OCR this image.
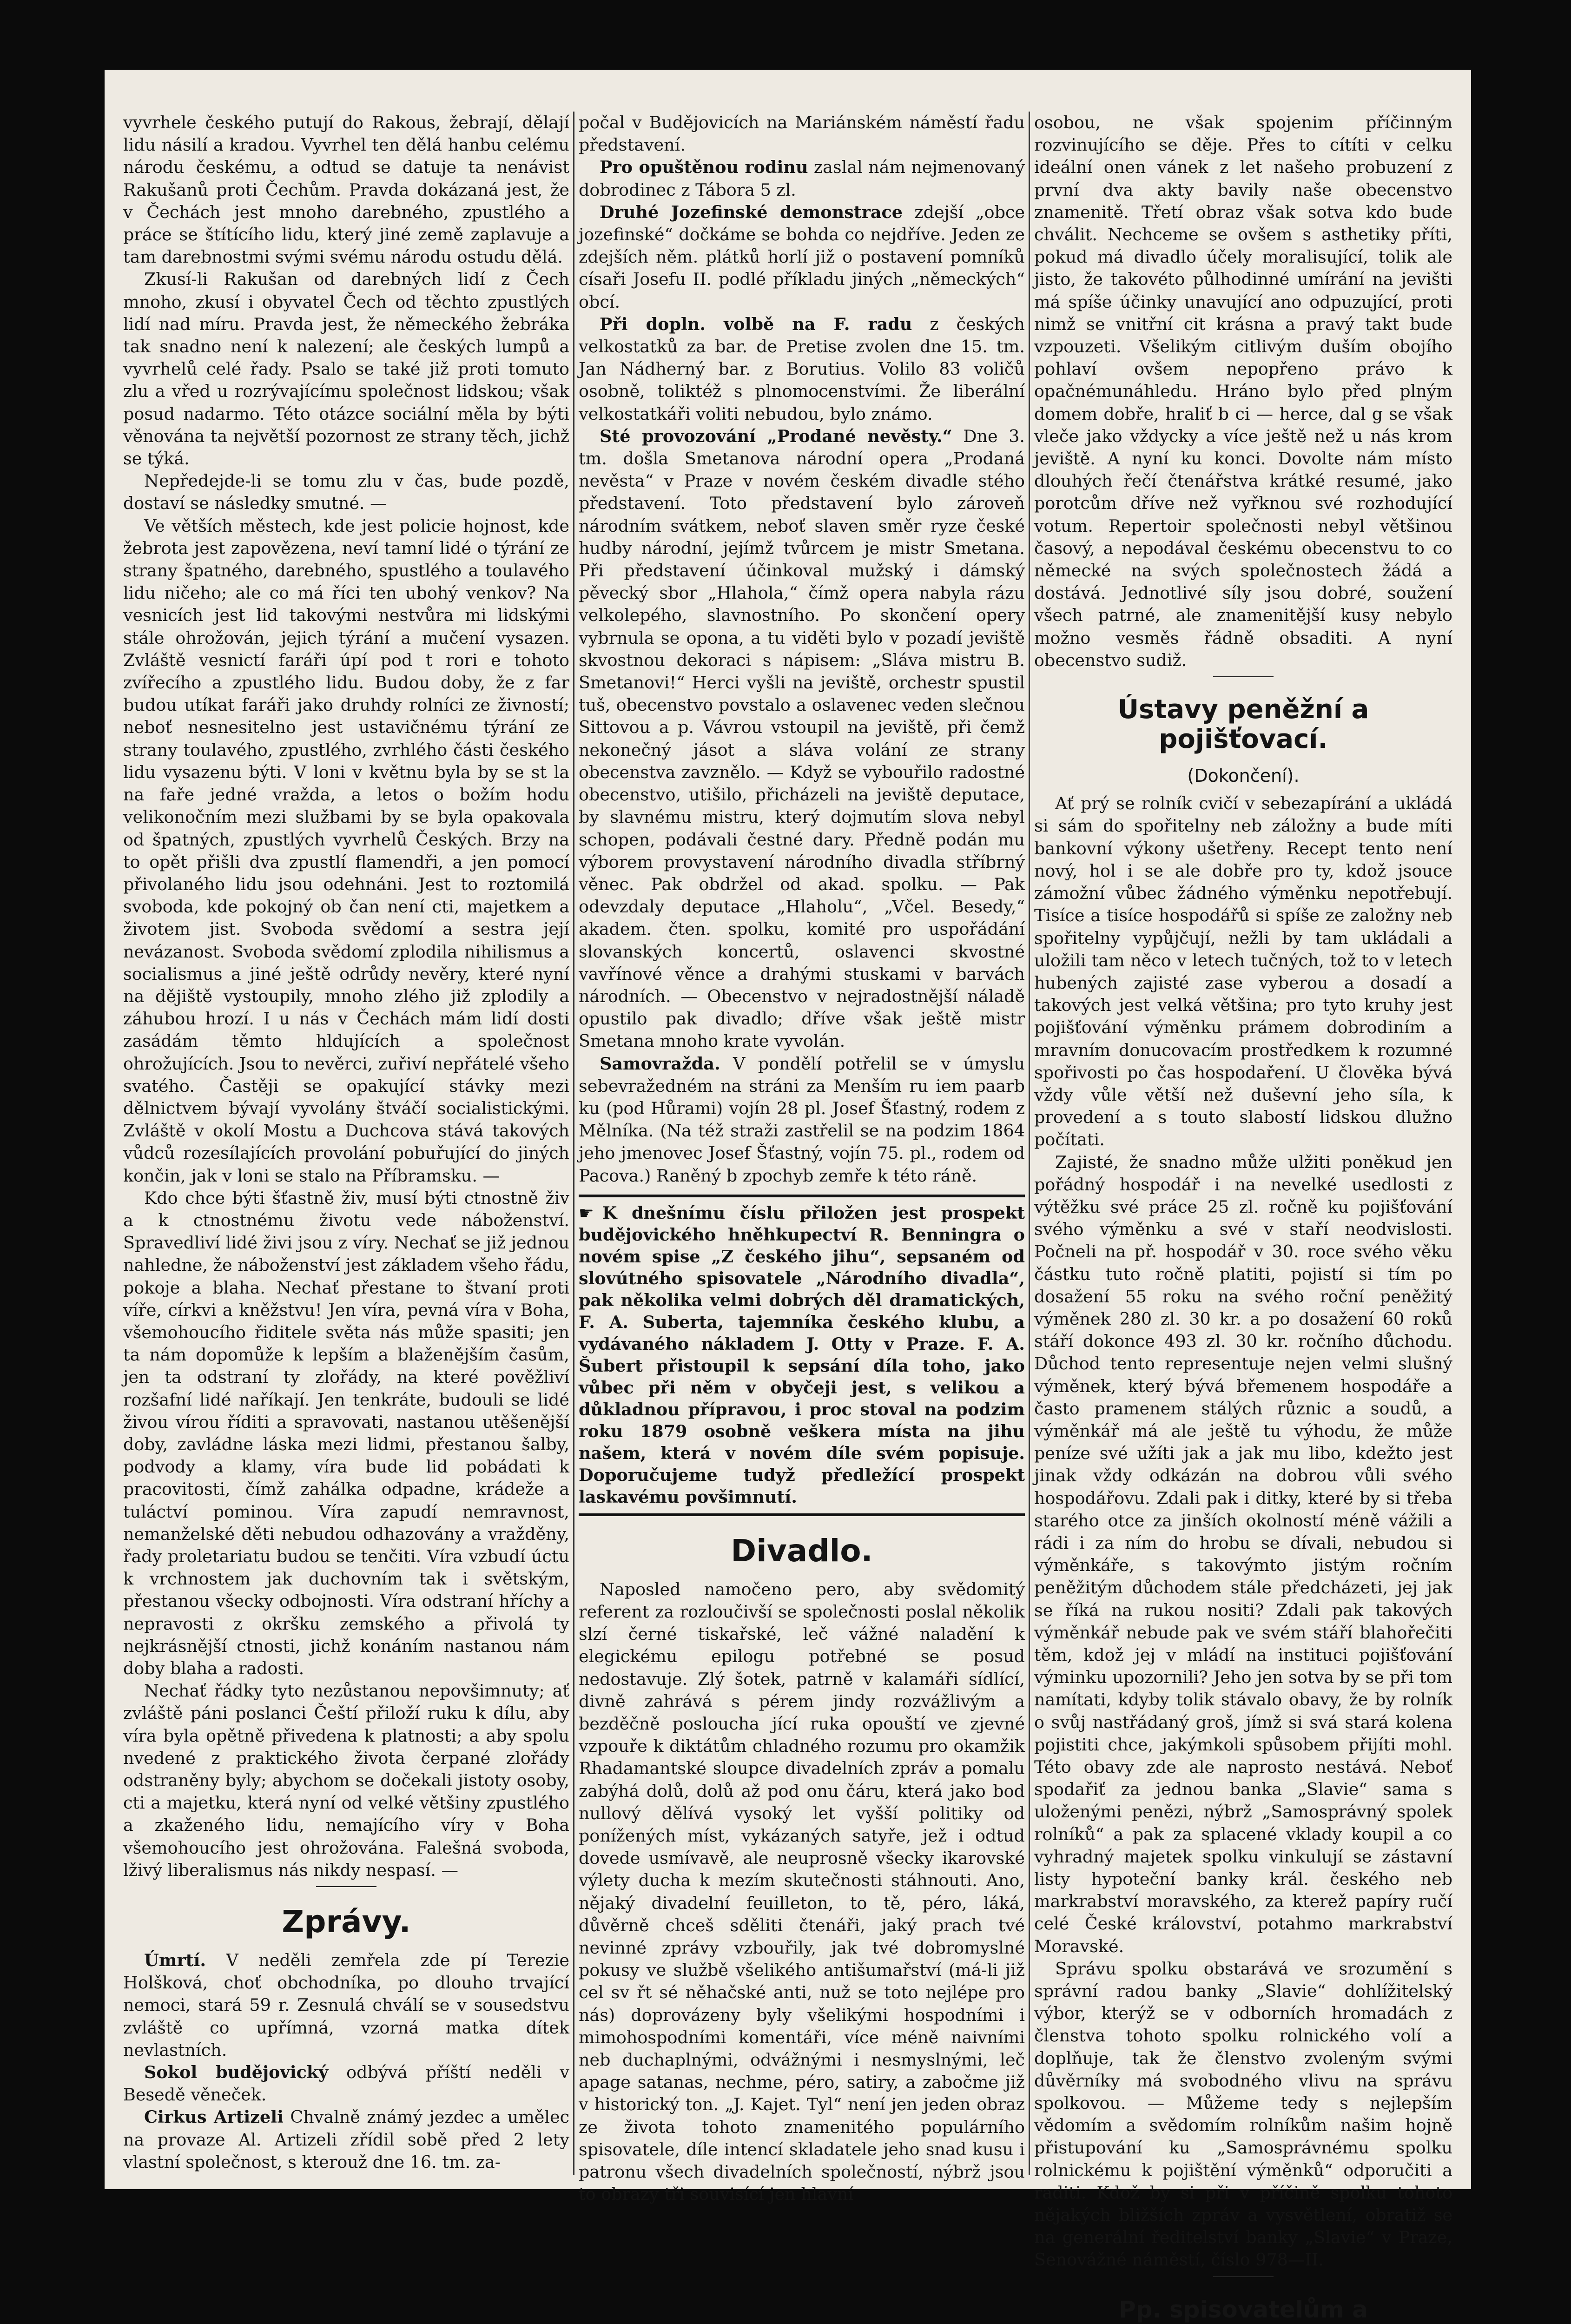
vyvrhele českého putují do Rakous, žebrají, dělají lidu násilí a kradou. Vyvrhel ten dělá hanbu celému národu českému, a odtud se datuje ta nenávist Rakušanů proti Čechům. Pravda dokázaná jest, že v Čechách jest mnoho darebného, zpustlého a práce se štítícího lidu, který jiné země zaplavuje a tam darebnostmi svými svému národu ostudu dělá.

Zkusí-li Rakušan od darebných lidí z Čech mnoho, zkusí i obyvatel Čech od těchto zpustlých lidí nad míru. Pravda jest, že německého žebráka tak snadno není k nalezení; ale českých lumpů a vyvrhelů celé řady. Psalo se také již proti tomuto zlu a vřed u rozrývajícímu společnost lidskou; však posud nadarmo. Této otázce sociální měla by býti věnována ta největší pozornost ze strany těch, jichž se týká.

Nepředejde-li se tomu zlu v čas, bude pozdě, dostaví se následky smutné. —

Ve větších městech, kde jest policie hojnost, kde žebrota jest zapovězena, neví tamní lidé o týrání ze strany špatného, darebného, spustlého a toulavého lidu ničeho; ale co má říci ten ubohý venkov? Na vesnicích jest lid takovými nestvůra mi lidskými stále ohrožován, jejich týrání a mučení vysazen. Zvláště vesnictí faráři úpí pod t rori e tohoto zvířecího a zpustlého lidu. Budou doby, že z far budou utíkat faráři jako druhdy rolníci ze živností; neboť nesnesitelno jest ustavičnému týrání ze strany toulavého, zpustlého, zvrhlého části českého lidu vysazenu býti. V loni v květnu byla by se st la na faře jedné vražda, a letos o božím hodu velikonočním mezi službami by se byla opakovala od špatných, zpustlých vyvrhelů Českých. Brzy na to opět přišli dva zpustlí flamendři, a jen pomocí přivolaného lidu jsou odehnáni. Jest to roztomilá svoboda, kde pokojný ob čan není cti, majetkem a životem jist. Svoboda svědomí a sestra její nevázanost. Svoboda svědomí zplodila nihilismus a socialismus a jiné ještě odrůdy nevěry, které nyní na dějiště vystoupily, mnoho zlého již zplodily a záhubou hrozí. I u nás v Čechách mám lidí dosti zasádám těmto hldujících a společnost ohrožujících. Jsou to nevěrci, zuřiví nepřátelé všeho svatého. Častěji se opakující stávky mezi dělnictvem bývají vyvolány štváčí socialistickými. Zvláště v okolí Mostu a Duchcova stává takových vůdců rozesílajících provolání pobuřující do jiných končin, jak v loni se stalo na Příbramsku. —

Kdo chce býti šťastně živ, musí býti ctnostně živ a k ctnostnému životu vede náboženství. Spravedliví lidé živi jsou z víry. Nechať se již jednou nahledne, že náboženství jest základem všeho řádu, pokoje a blaha. Nechať přestane to štvaní proti víře, církvi a kněžstvu! Jen víra, pevná víra v Boha, všemohoucího řiditele světa nás může spasiti; jen ta nám dopomůže k lepším a blaženějším časům, jen ta odstraní ty zlořády, na které pověžliví rozšafní lidé naříkají. Jen tenkráte, budouli se lidé živou vírou říditi a spravovati, nastanou utěšenější doby, zavládne láska mezi lidmi, přestanou šalby, podvody a klamy, víra bude lid pobádati k pracovitosti, čímž zahálka odpadne, krádeže a tuláctví pominou. Víra zapudí nemravnost, nemanželské děti nebudou odhazovány a vražděny, řady proletariatu budou se tenčiti. Víra vzbudí úctu k vrchnostem jak duchovním tak i světským, přestanou všecky odbojnosti. Víra odstraní hříchy a nepravosti z okršku zemského a přivolá ty nejkrásnější ctnosti, jichž konáním nastanou nám doby blaha a radosti.

Nechať řádky tyto nezůstanou nepovšimnuty; ať zvláště páni poslanci Čeští přiloží ruku k dílu, aby víra byla opětně přivedena k platnosti; a aby spolu nvedené z praktického života čerpané zlořády odstraněny byly; abychom se dočekali jistoty osoby, cti a majetku, která nyní od velké většiny zpustlého a zkaženého lidu, nemajícího víry v Boha všemohoucího jest ohrožována. Falešná svoboda, lživý liberalismus nás nikdy nespasí. —

Zprávy.

Úmrtí. V neděli zemřela zde pí Terezie Holšková, choť obchodníka, po dlouho trvající nemoci, stará 59 r. Zesnulá chválí se v sousedstvu zvláště co upřímná, vzorná matka dítek nevlastních.

Sokol budějovický odbývá příští neděli v Besedě věneček.

Cirkus Artizeli Chvalně známý jezdec a umělec na provaze Al. Artizeli zřídil sobě před 2 lety vlastní společnost, s kterouž dne 16. tm. za-

počal v Budějovicích na Mariánském náměstí řadu představení.

Pro opuštěnou rodinu zaslal nám nejmenovaný dobrodinec z Tábora 5 zl.

Druhé Jozefinské demonstrace zdejší „obce jozefinské“ dočkáme se bohda co nejdříve. Jeden ze zdejších něm. plátků horlí již o postavení pomníků císaři Josefu II. podlé příkladu jiných „německých“ obcí.

Při dopln. volbě na F. radu z českých velkostatků za bar. de Pretise zvolen dne 15. tm. Jan Nádherný bar. z Borutius. Volilo 83 voličů osobně, toliktéž s plnomocenstvími. Že liberální velkostatkáři voliti nebudou, bylo známo.

Sté provozování „Prodané nevěsty.“ Dne 3. tm. došla Smetanova národní opera „Prodaná nevěsta“ v Praze v novém českém divadle stého představení. Toto představení bylo zároveň národním svátkem, neboť slaven směr ryze české hudby národní, jejímž tvůrcem je mistr Smetana. Při představení účinkoval mužský i dámský pěvecký sbor „Hlahola,“ čímž opera nabyla rázu velkolepého, slavnostního. Po skončení opery vybrnula se opona, a tu viděti bylo v pozadí jeviště skvostnou dekoraci s nápisem: „Sláva mistru B. Smetanovi!“ Herci vyšli na jeviště, orchestr spustil tuš, obecenstvo povstalo a oslavenec veden slečnou Sittovou a p. Vávrou vstoupil na jeviště, při čemž nekonečný jásot a sláva volání ze strany obecenstva zavznělo. — Když se vybouřilo radostné obecenstvo, utišilo, přicházeli na jeviště deputace, by slavnému mistru, který dojmutím slova nebyl schopen, podávali čestné dary. Předně podán mu výborem provystavení národního divadla stříbrný věnec. Pak obdržel od akad. spolku. — Pak odevzdaly deputace „Hlaholu“, „Včel. Besedy,“ akadem. čten. spolku, komité pro uspořádání slovanských koncertů, oslavenci skvostné vavřínové věnce a drahými stuskami v barvách národních. — Obecenstvo v nejradostnější náladě opustilo pak divadlo; dříve však ještě mistr Smetana mnoho krate vyvolán.

Samovražda. V pondělí potřelil se v úmyslu sebevražedném na stráni za Menším ru iem paarb ku (pod Hůrami) vojín 28 pl. Josef Šťastný, rodem z Mělníka. (Na též straži zastřelil se na podzim 1864 jeho jmenovec Josef Šťastný, vojín 75. pl., rodem od Pacova.) Raněný b zpochyb zemře k této ráně.

☛ K dnešnímu číslu přiložen jest prospekt budějovického hněhkupectví R. Benningra o novém spise „Z českého jihu“, sepsaném od slovútného spisovatele „Národního divadla“, pak několika velmi dobrých děl dramatických, F. A. Suberta, tajemníka českého klubu, a vydávaného nákladem J. Otty v Praze. F. A. Šubert přistoupil k sepsání díla toho, jako vůbec při něm v obyčeji jest, s velikou a důkladnou přípravou, i proc stoval na podzim roku 1879 osobně veškera místa na jihu našem, která v novém díle svém popisuje. Doporučujeme tudyž předležící prospekt laskavému povšimnutí.

Divadlo.

Naposled namočeno pero, aby svědomitý referent za rozloučivší se společnosti poslal několik slzí černé tiskařské, leč vážné naladění k elegickému epilogu potřebné se posud nedostavuje. Zlý šotek, patrně v kalamáři sídlící, divně zahrává s pérem jindy rozvážlivým a bezděčně posloucha jící ruka opouští ve zjevné vzpouře k diktátům chladného rozumu pro okamžik Rhadamantské sloupce divadelních zpráv a pomalu zabýhá dolů, dolů až pod onu čáru, která jako bod nullový dělívá vysoký let vyšší politiky od ponížených míst, vykázaných satyře, jež i odtud dovede usmívavě, ale neuprosně všecky ikarovské výlety ducha k mezím skutečnosti stáhnouti. Ano, nějaký divadelní feuilleton, to tě, péro, láká, důvěrně chceš sděliti čtenáři, jaký prach tvé nevinné zprávy vzbouřily, jak tvé dobromyslné pokusy ve službě všelikého antišumařství (má-li již cel sv řt sé něhačské anti, nuž se toto nejlépe pro nás) doprovázeny byly všelikými hospodními i mimohospodními komentáři, více méně naivními neb duchaplnými, odvážnými i nesmyslnými, leč apage satanas, nechme, péro, satiry, a zabočme již v historický ton. „J. Kajet. Tyl“ není jen jeden obraz ze života tohoto znamenitého populárního spisovatele, díle intencí skladatele jeho snad kusu i patronu všech divadelních společností, nýbrž jsou to obrazy tři souvisící jen hlavní

osobou, ne však spojenim příčinným rozvinujícího se děje. Přes to cítíti v celku ideální onen vánek z let našeho probuzení z první dva akty bavily naše obecenstvo znamenitě. Třetí obraz však sotva kdo bude chválit. Nechceme se ovšem s asthetiky příti, pokud má divadlo účely moralisující, tolik ale jisto, že takovéto půlhodinné umírání na jevišti má spíše účinky unavující ano odpuzující, proti nimž se vnitřní cit krásna a pravý takt bude vzpouzeti. Všelikým citlivým duším obojího pohlaví ovšem nepopřeno právo k opačnémunáhledu. Hráno bylo před plným domem dobře, hraliť b ci — herce, dal g se však vleče jako vždycky a více ještě než u nás krom jeviště. A nyní ku konci. Dovolte nám místo dlouhých řečí čtenářstva krátké resumé, jako porotcům dříve než vyřknou své rozhodující votum. Repertoir společnosti nebyl většinou časový, a nepodával českému obecenstvu to co německé na svých společnostech žádá a dostává. Jednotlivé síly jsou dobré, soužení všech patrné, ale znamenitější kusy nebylo možno vesměs řádně obsaditi. A nyní obecenstvo sudiž.

Ústavy peněžní a pojišťovací.
(Dokončení).

Ať prý se rolník cvičí v sebezapírání a ukládá si sám do spořitelny neb záložny a bude míti bankovní výkony ušetřeny. Recept tento není nový, hol i se ale dobře pro ty, kdož jsouce zámožní vůbec žádného výměnku nepotřebují. Tisíce a tisíce hospodářů si spíše ze založny neb spořitelny vypůjčují, nežli by tam ukládali a uložili tam něco v letech tučných, tož to v letech hubených zajisté zase vyberou a dosadí a takových jest velká většina; pro tyto kruhy jest pojišťování výměnku prámem dobrodiním a mravním donucovacím prostředkem k rozumné spořivosti po čas hospodaření. U člověka bývá vždy vůle větší než duševní jeho síla, k provedení a s touto slabostí lidskou dlužno počítati.

Zajisté, že snadno může ulžiti poněkud jen pořádný hospodář i na nevelké usedlosti z výtěžku své práce 25 zl. ročně ku pojišťování svého výměnku a své v staří neodvislosti. Počneli na př. hospodář v 30. roce svého věku částku tuto ročně platiti, pojistí si tím po dosažení 55 roku na svého roční peněžitý výměnek 280 zl. 30 kr. a po dosažení 60 roků stáří dokonce 493 zl. 30 kr. ročního důchodu. Důchod tento representuje nejen velmi slušný výměnek, který bývá břemenem hospodáře a často pramenem stálých různic a soudů, a výměnkář má ale ještě tu výhodu, že může peníze své užíti jak a jak mu libo, kdežto jest jinak vždy odkázán na dobrou vůli svého hospodářovu. Zdali pak i ditky, které by si třeba starého otce za jinších okolností méně vážili a rádi i za ním do hrobu se dívali, nebudou si výměnkáře, s takovýmto jistým ročním peněžitým důchodem stále předcházeti, jej jak se říká na rukou nositi? Zdali pak takových výměnkář nebude pak ve svém stáří blahořečiti těm, kdož jej v mládí na instituci pojišťování výminku upozornili? Jeho jen sotva by se při tom namítati, kdyby tolik stávalo obavy, že by rolník o svůj nastřádaný groš, jímž si svá stará kolena pojistiti chce, jakýmkoli spůsobem přijíti mohl. Této obavy zde ale naprosto nestává. Neboť spodařiť za jednou banka „Slavie“ sama s uloženými penězi, nýbrž „Samosprávný spolek rolníků“ a pak za splacené vklady koupil a co vyhradný majetek spolku vinkulují se zástavní listy hypoteční banky král. českého neb markrabství moravského, za kterež papíry ručí celé České království, potahmo markrabství Moravské.

Správu spolku obstarává ve srozumění s správní radou banky „Slavie“ dohlížitelský výbor, kterýž se v odborních hromadách z členstva tohoto spolku rolnického volí a doplňuje, tak že členstvo zvoleným svými důvěrníky má svobodného vlivu na správu spolkovou. — Můžeme tedy s nejlepším vědomím a svědomím rolníkům našim hojně přistupování ku „Samosprávnému spolku rolnickému k pojištění výměnků“ odporučiti a raditi. Kdož by si při v příčině spolku tohoto nějakých bližších zpráv a vysvětlení, obratiž se na generální ředitelství banky „Slavie“ v Praze, Senovážné náměstí, číslo 978—II.

Pp. spisovatelům a
